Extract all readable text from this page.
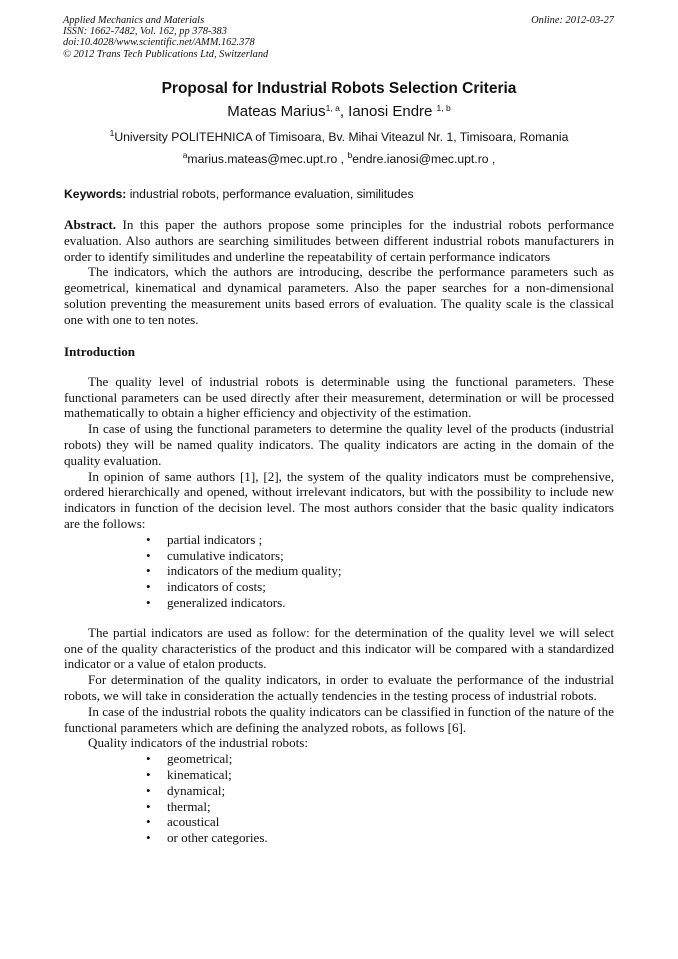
Applied Mechanics and Materials
ISSN: 1662-7482, Vol. 162, pp 378-383
doi:10.4028/www.scientific.net/AMM.162.378
© 2012 Trans Tech Publications Ltd, Switzerland
Online: 2012-03-27
Proposal for Industrial Robots Selection Criteria
Mateas Marius$^{1, a}$, Ianosi Endre $^{1, b}$
$^1$University POLITEHNICA of Timisoara, Bv. Mihai Viteazul Nr. 1, Timisoara, Romania
$^a$marius.mateas@mec.upt.ro , $^b$endre.ianosi@mec.upt.ro ,
Keywords: industrial robots, performance evaluation, similitudes

Abstract. In this paper the authors propose some principles for the industrial robots performance evaluation. Also authors are searching similitudes between different industrial robots manufacturers in order to identify similitudes and underline the repeatability of certain performance indicators

The indicators, which the authors are introducing, describe the performance parameters such as geometrical, kinematical and dynamical parameters. Also the paper searches for a non-dimensional solution preventing the measurement units based errors of evaluation. The quality scale is the classical one with one to ten notes.

Introduction

The quality level of industrial robots is determinable using the functional parameters. These functional parameters can be used directly after their measurement, determination or will be processed mathematically to obtain a higher efficiency and objectivity of the estimation.

In case of using the functional parameters to determine the quality level of the products (industrial robots) they will be named quality indicators. The quality indicators are acting in the domain of the quality evaluation.

In opinion of same authors [1], [2], the system of the quality indicators must be comprehensive, ordered hierarchically and opened, without irrelevant indicators, but with the possibility to include new indicators in function of the decision level. The most authors consider that the basic quality indicators are the follows:

• partial indicators ;
• cumulative indicators;
• indicators of the medium quality;
• indicators of costs;
• generalized indicators.

The partial indicators are used as follow: for the determination of the quality level we will select one of the quality characteristics of the product and this indicator will be compared with a standardized indicator or a value of etalon products.

For determination of the quality indicators, in order to evaluate the performance of the industrial robots, we will take in consideration the actually tendencies in the testing process of industrial robots.

In case of the industrial robots the quality indicators can be classified in function of the nature of the functional parameters which are defining the analyzed robots, as follows [6].

Quality indicators of the industrial robots:

• geometrical;
• kinematical;
• dynamical;
• thermal;
• acoustical
• or other categories.
